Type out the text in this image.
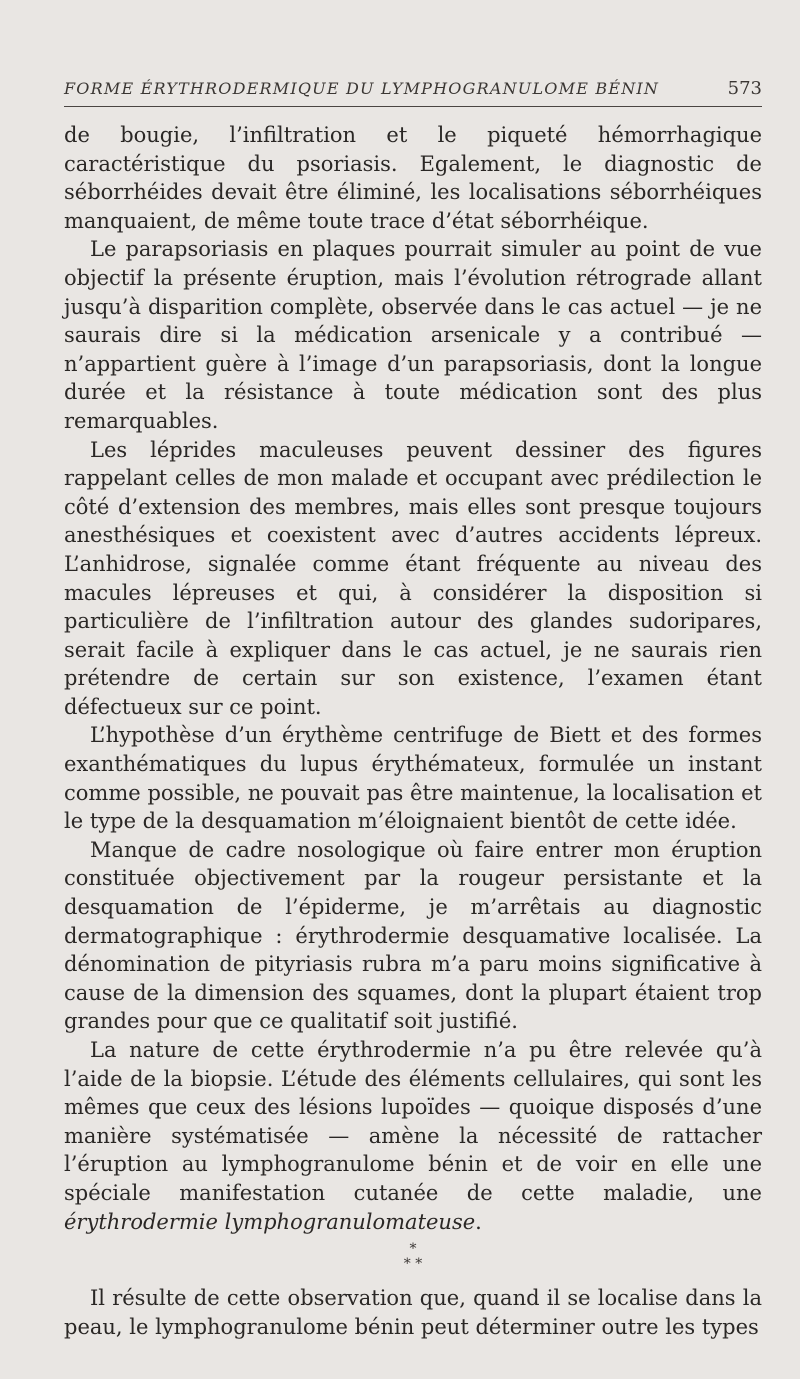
FORME ÉRYTHRODERMIQUE DU LYMPHOGRANULOME BÉNIN	573

de bougie, l’infiltration et le piqueté hémorrhagique caractéristique du psoriasis. Egalement, le diagnostic de séborrhéides devait être éliminé, les localisations séborrhéiques manquaient, de même toute trace d’état séborrhéique.

Le parapsoriasis en plaques pourrait simuler au point de vue objectif la présente éruption, mais l’évolution rétrograde allant jusqu’à disparition complète, observée dans le cas actuel — je ne saurais dire si la médication arsenicale y a contribué — n’appartient guère à l’image d’un parapsoriasis, dont la longue durée et la résistance à toute médication sont des plus remarquables.

Les léprides maculeuses peuvent dessiner des figures rappelant celles de mon malade et occupant avec prédilection le côté d’extension des membres, mais elles sont presque toujours anesthésiques et coexistent avec d’autres accidents lépreux. L’anhidrose, signalée comme étant fréquente au niveau des macules lépreuses et qui, à considérer la disposition si particulière de l’infiltration autour des glandes sudoripares, serait facile à expliquer dans le cas actuel, je ne saurais rien prétendre de certain sur son existence, l’examen étant défectueux sur ce point.

L’hypothèse d’un érythème centrifuge de Biett et des formes exanthématiques du lupus érythémateux, formulée un instant comme possible, ne pouvait pas être maintenue, la localisation et le type de la desquamation m’éloignaient bientôt de cette idée.

Manque de cadre nosologique où faire entrer mon éruption constituée objectivement par la rougeur persistante et la desquamation de l’épiderme, je m’arrêtais au diagnostic dermatographique : érythrodermie desquamative localisée. La dénomination de pityriasis rubra m’a paru moins significative à cause de la dimension des squames, dont la plupart étaient trop grandes pour que ce qualitatif soit justifié.

La nature de cette érythrodermie n’a pu être relevée qu’à l’aide de la biopsie. L’étude des éléments cellulaires, qui sont les mêmes que ceux des lésions lupoïdes — quoique disposés d’une manière systématisée — amène la nécessité de rattacher l’éruption au lymphogranulome bénin et de voir en elle une spéciale manifestation cutanée de cette maladie, une érythrodermie lymphogranulomateuse.

*
* *

Il résulte de cette observation que, quand il se localise dans la peau, le lymphogranulome bénin peut déterminer outre les types
